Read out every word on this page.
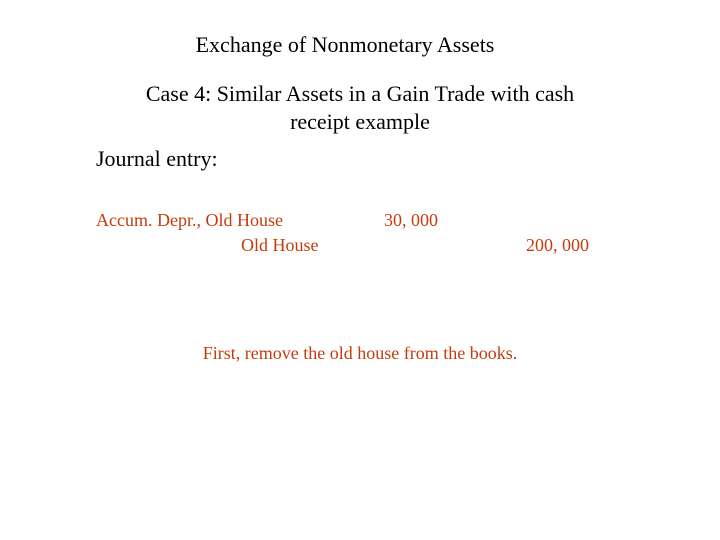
Exchange of Nonmonetary Assets
Case 4: Similar Assets in a Gain Trade with cash
receipt example
Journal entry:
Accum. Depr., Old House	30, 000
Old House	200, 000
First, remove the old house from the books.
